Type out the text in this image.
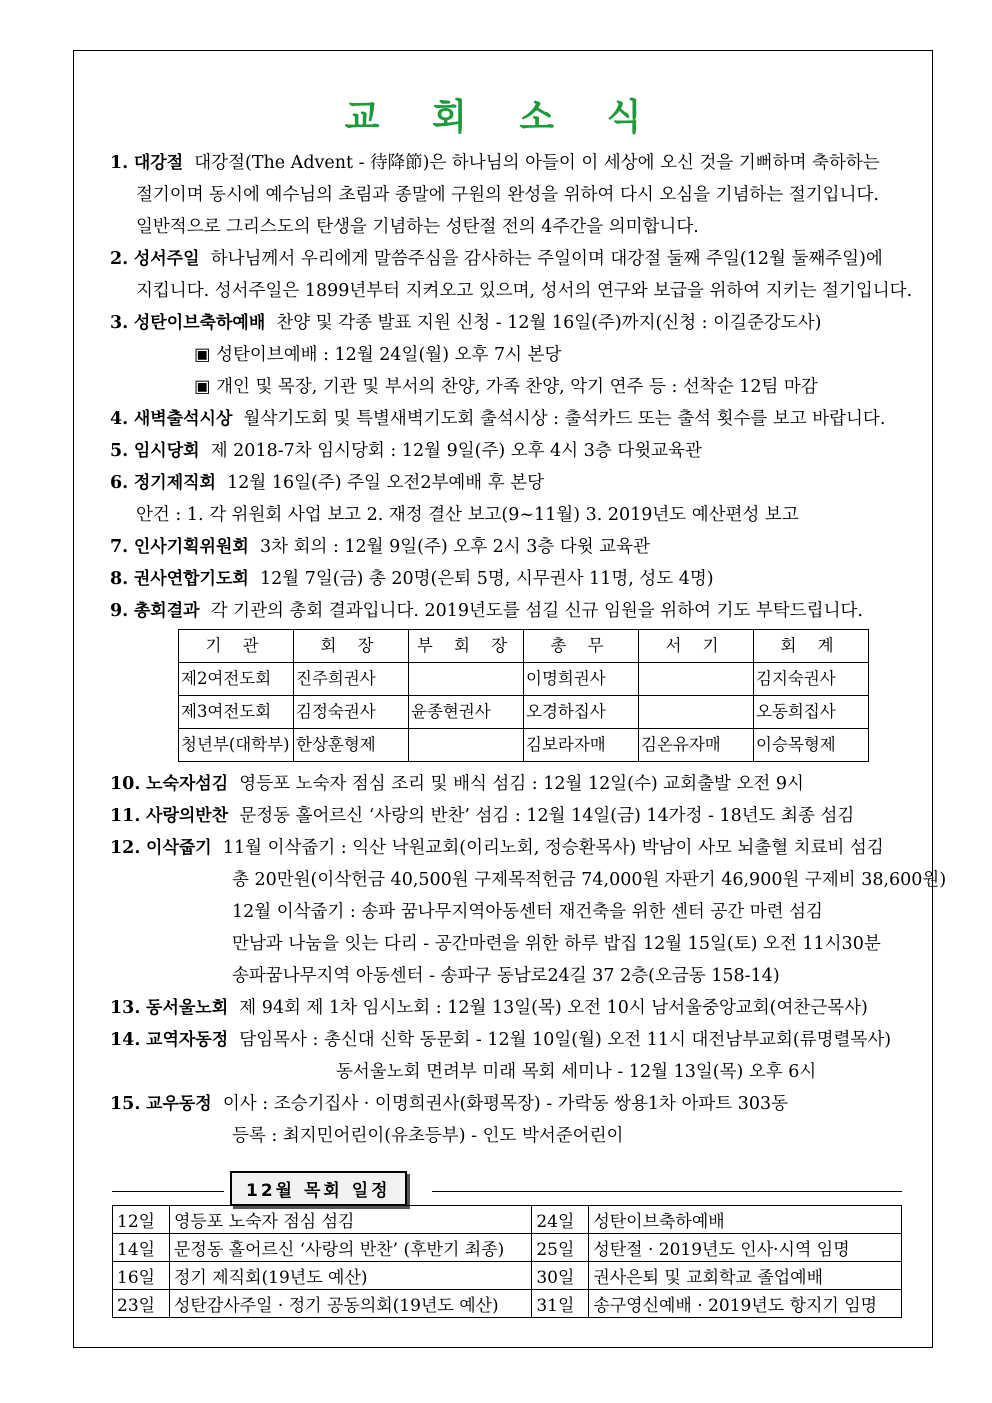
교 회 소 식
1. 대강절 대강절(The Advent - 待降節)은 하나님의 아들이 이 세상에 오신 것을 기뻐하며 축하하는
절기이며 동시에 예수님의 초림과 종말에 구원의 완성을 위하여 다시 오심을 기념하는 절기입니다.
일반적으로 그리스도의 탄생을 기념하는 성탄절 전의 4주간을 의미합니다.
2. 성서주일 하나님께서 우리에게 말씀주심을 감사하는 주일이며 대강절 둘째 주일(12월 둘째주일)에
지킵니다. 성서주일은 1899년부터 지켜오고 있으며, 성서의 연구와 보급을 위하여 지키는 절기입니다.
3. 성탄이브축하예배 찬양 및 각종 발표 지원 신청 - 12월 16일(주)까지(신청 : 이길준강도사)
▣ 성탄이브예배 : 12월 24일(월) 오후 7시 본당
▣ 개인 및 목장, 기관 및 부서의 찬양, 가족 찬양, 악기 연주 등 : 선착순 12팀 마감
4. 새벽출석시상 월삭기도회 및 특별새벽기도회 출석시상 : 출석카드 또는 출석 횟수를 보고 바랍니다.
5. 임시당회 제 2018-7차 임시당회 : 12월 9일(주) 오후 4시 3층 다윗교육관
6. 정기제직회 12월 16일(주) 주일 오전2부예배 후 본당
안건 : 1. 각 위원회 사업 보고 2. 재정 결산 보고(9~11월) 3. 2019년도 예산편성 보고
7. 인사기획위원회 3차 회의 : 12월 9일(주) 오후 2시 3층 다윗 교육관
8. 권사연합기도회 12월 7일(금) 총 20명(은퇴 5명, 시무권사 11명, 성도 4명)
9. 총회결과 각 기관의 총회 결과입니다. 2019년도를 섬길 신규 임원을 위하여 기도 부탁드립니다.
기 관	회 장	부 회 장	총 무	서 기	회 계
제2여전도회	진주희권사		이명희권사		김지숙권사
제3여전도회	김정숙권사	윤종현권사	오경하집사		오동희집사
청년부(대학부)	한상훈형제		김보라자매	김온유자매	이승목형제
10. 노숙자섬김 영등포 노숙자 점심 조리 및 배식 섬김 : 12월 12일(수) 교회출발 오전 9시
11. 사랑의반찬 문정동 홀어르신 ‘사랑의 반찬’ 섬김 : 12월 14일(금) 14가정 - 18년도 최종 섬김
12. 이삭줍기 11월 이삭줍기 : 익산 낙원교회(이리노회, 정승환목사) 박남이 사모 뇌출혈 치료비 섬김
총 20만원(이삭헌금 40,500원 구제목적헌금 74,000원 자판기 46,900원 구제비 38,600원)
12월 이삭줍기 : 송파 꿈나무지역아동센터 재건축을 위한 센터 공간 마련 섬김
만남과 나눔을 잇는 다리 - 공간마련을 위한 하루 밥집 12월 15일(토) 오전 11시30분
송파꿈나무지역 아동센터 - 송파구 동남로24길 37 2층(오금동 158-14)
13. 동서울노회 제 94회 제 1차 임시노회 : 12월 13일(목) 오전 10시 남서울중앙교회(여찬근목사)
14. 교역자동정 담임목사 : 총신대 신학 동문회 - 12월 10일(월) 오전 11시 대전남부교회(류명렬목사)
동서울노회 면려부 미래 목회 세미나 - 12월 13일(목) 오후 6시
15. 교우동정 이사 : 조승기집사 · 이명희권사(화평목장) - 가락동 쌍용1차 아파트 303동
등록 : 최지민어린이(유초등부) - 인도 박서준어린이
12월 목회 일정
12일	영등포 노숙자 점심 섬김	24일	성탄이브축하예배
14일	문정동 홀어르신 ‘사랑의 반찬’ (후반기 최종)	25일	성탄절 · 2019년도 인사·시역 임명
16일	정기 제직회(19년도 예산)	30일	권사은퇴 및 교회학교 졸업예배
23일	성탄감사주일 · 정기 공동의회(19년도 예산)	31일	송구영신예배 · 2019년도 항지기 임명
